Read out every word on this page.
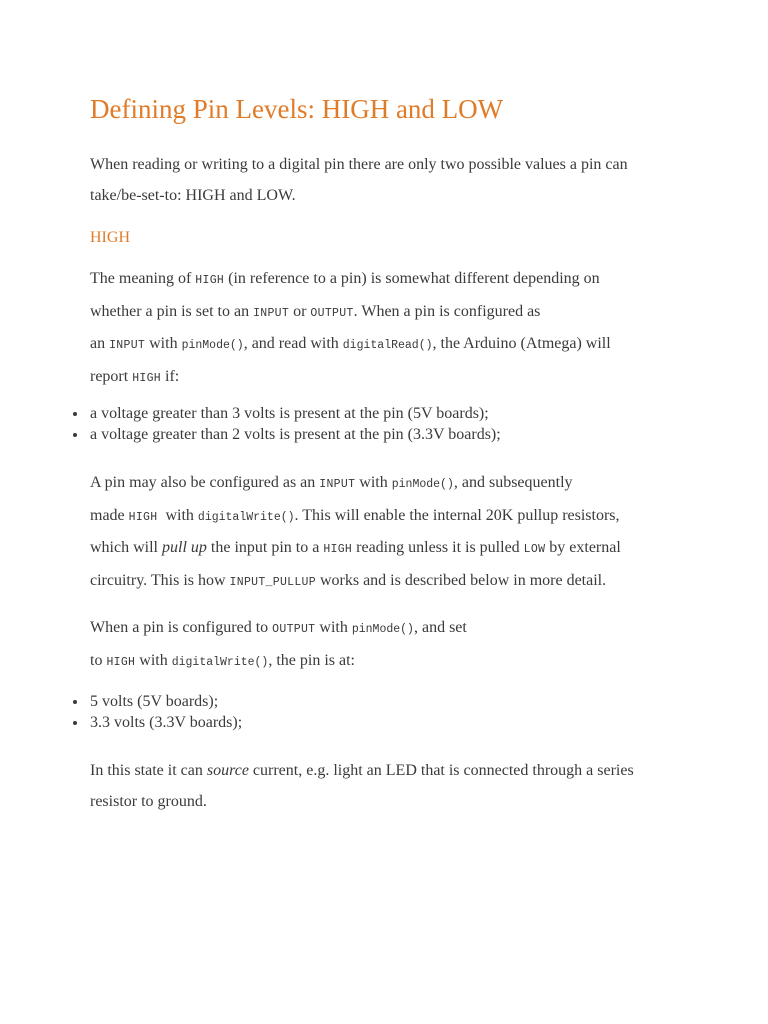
Defining Pin Levels: HIGH and LOW

When reading or writing to a digital pin there are only two possible values a pin can
take/be-set-to: HIGH and LOW.

HIGH

The meaning of HIGH (in reference to a pin) is somewhat different depending on
whether a pin is set to an INPUT or OUTPUT. When a pin is configured as
an INPUT with pinMode(), and read with digitalRead(), the Arduino (Atmega) will
report HIGH if:

a voltage greater than 3 volts is present at the pin (5V boards);
a voltage greater than 2 volts is present at the pin (3.3V boards);

A pin may also be configured as an INPUT with pinMode(), and subsequently
made HIGH  with digitalWrite(). This will enable the internal 20K pullup resistors,
which will pull up the input pin to a HIGH reading unless it is pulled LOW by external
circuitry. This is how INPUT_PULLUP works and is described below in more detail.

When a pin is configured to OUTPUT with pinMode(), and set
to HIGH with digitalWrite(), the pin is at:

5 volts (5V boards);
3.3 volts (3.3V boards);

In this state it can source current, e.g. light an LED that is connected through a series
resistor to ground.
